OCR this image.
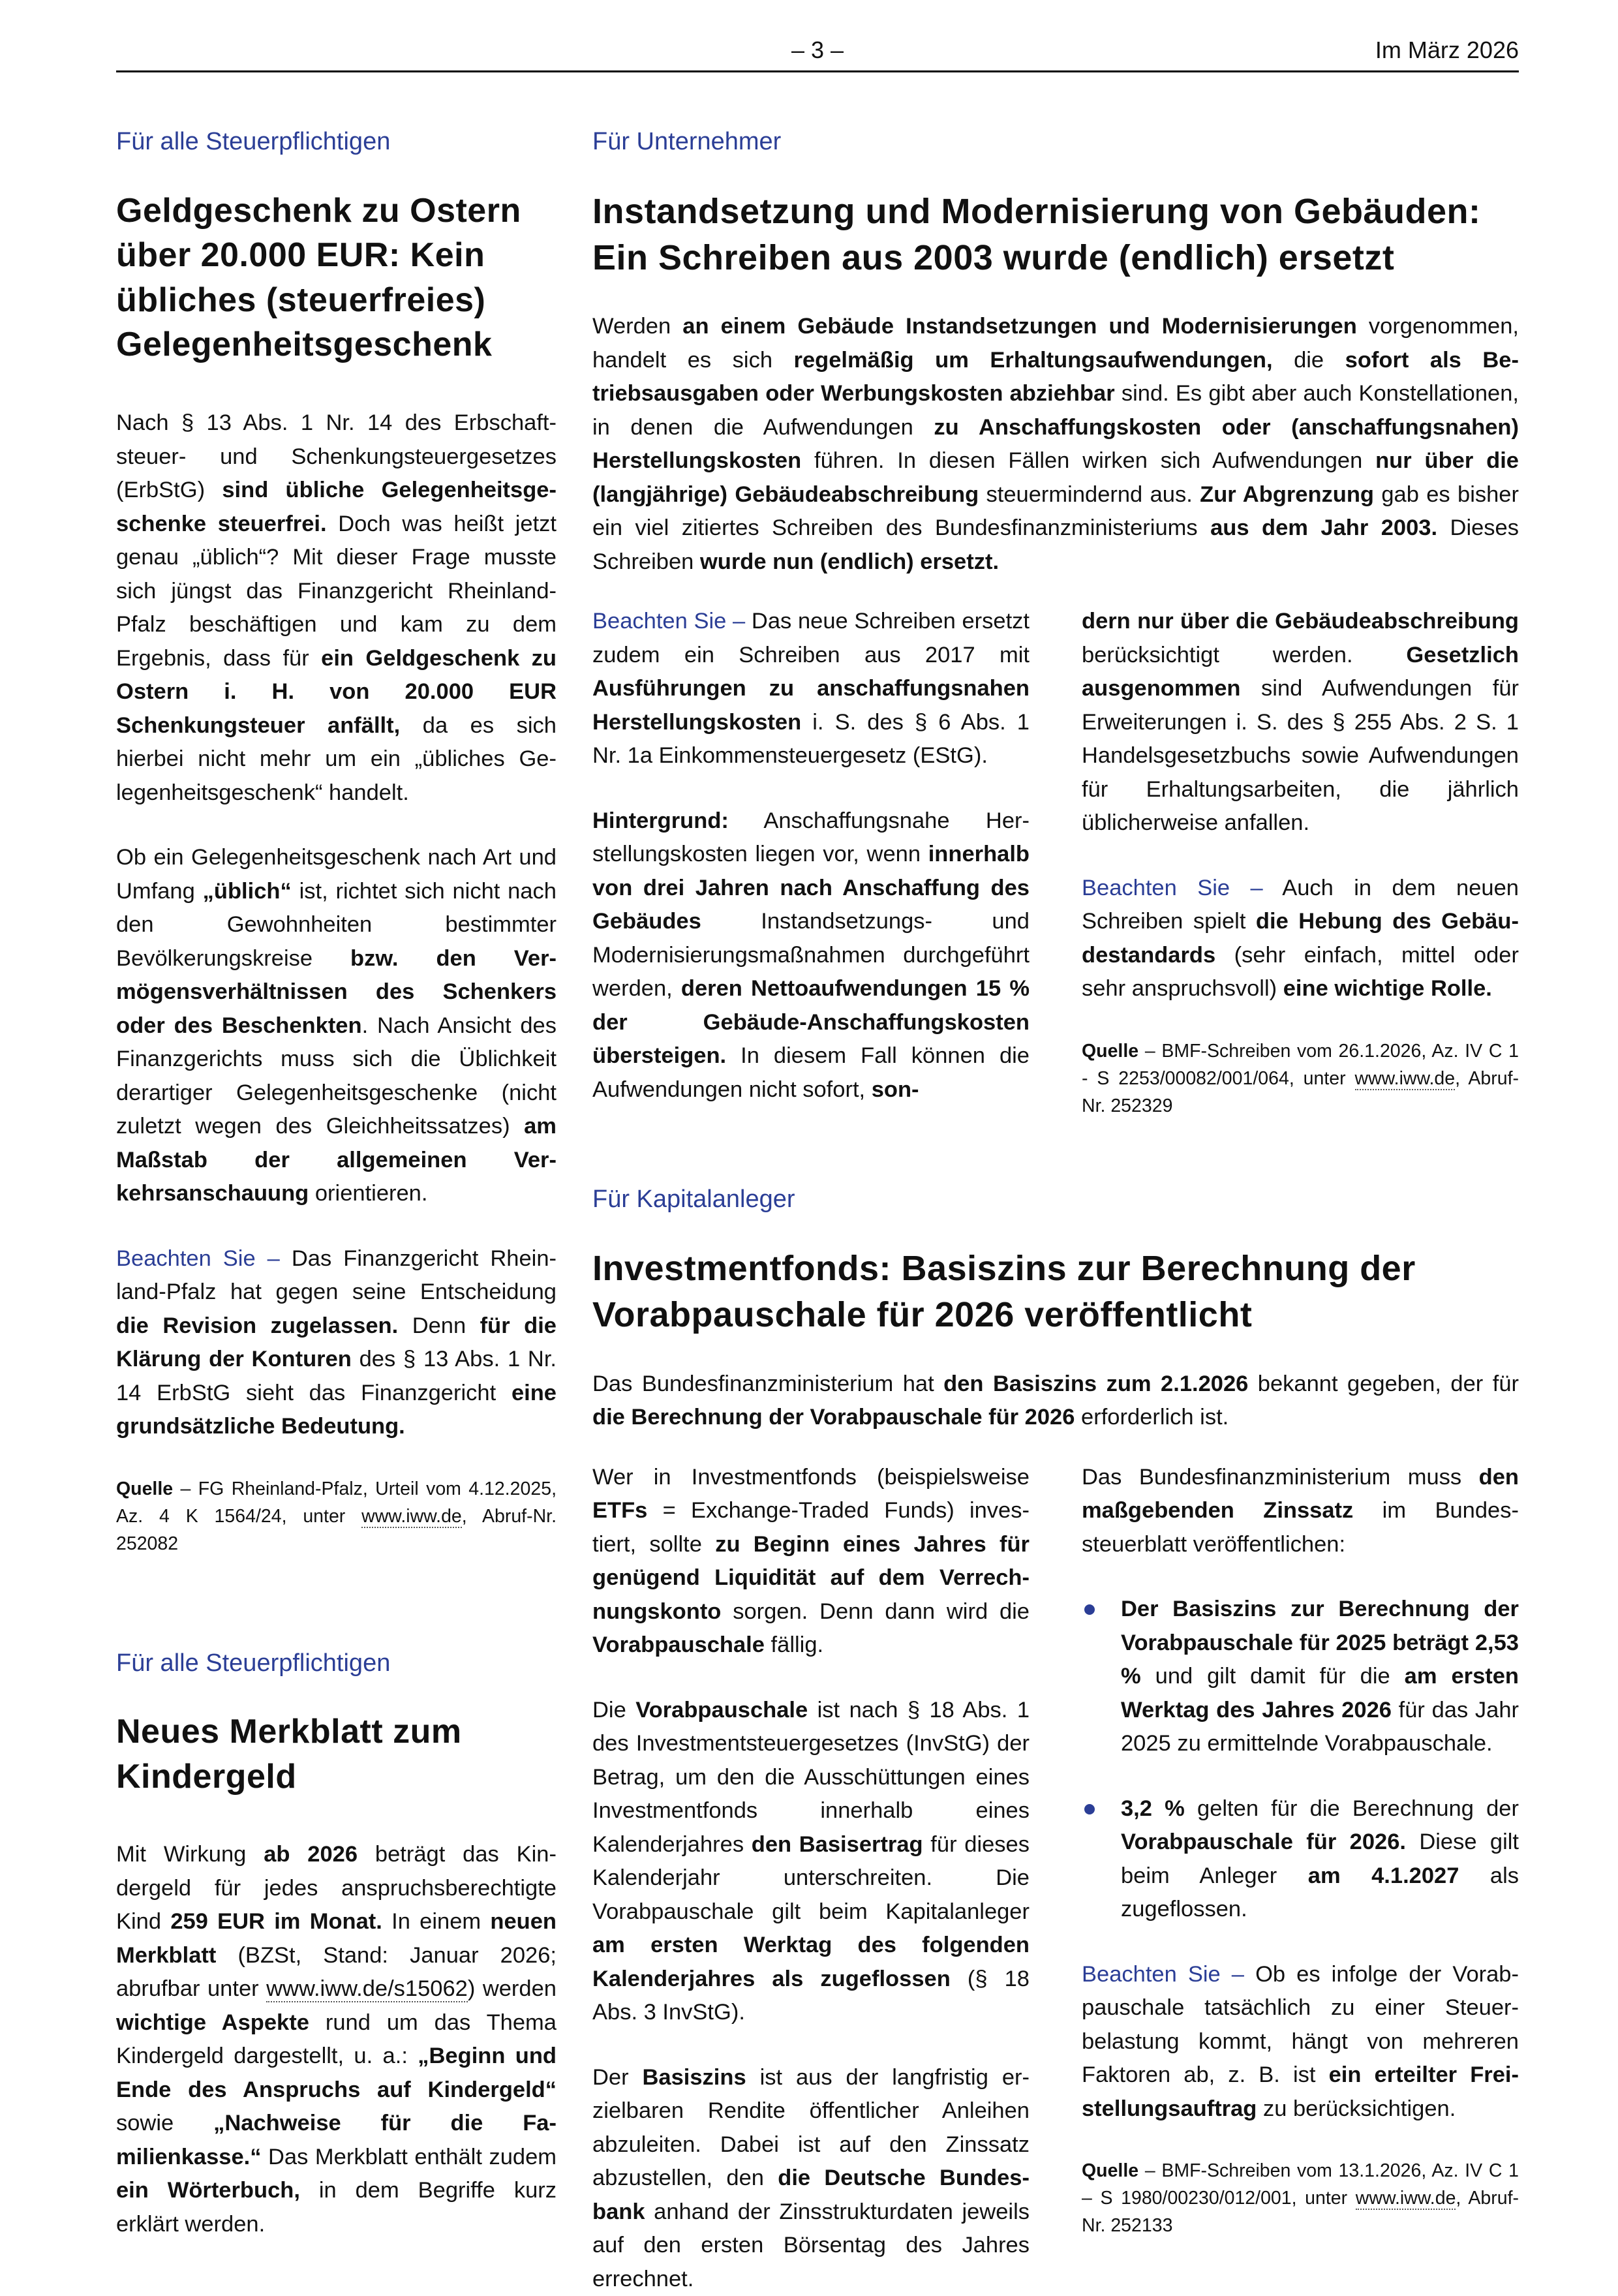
– 3 –	Im März 2026
Für alle Steuerpflichtigen
Geldgeschenk zu Ostern über 20.000 EUR: Kein übliches (steuerfreies) Gelegenheitsgeschenk

Nach § 13 Abs. 1 Nr. 14 des Erbschaftsteuer- und Schenkungsteuergesetzes (ErbStG) sind übliche Gelegenheitsgeschenke steuerfrei. Doch was heißt jetzt genau „üblich“? Mit dieser Frage musste sich jüngst das Finanzgericht Rheinland-Pfalz beschäftigen und kam zu dem Ergebnis, dass für ein Geldgeschenk zu Ostern i. H. von 20.000 EUR Schenkungsteuer anfällt, da es sich hierbei nicht mehr um ein „übliches Gelegenheitsgeschenk“ handelt.

Ob ein Gelegenheitsgeschenk nach Art und Umfang „üblich“ ist, richtet sich nicht nach den Gewohnheiten bestimmter Bevölkerungskreise bzw. den Vermögensverhältnissen des Schenkers oder des Beschenkten. Nach Ansicht des Finanzgerichts muss sich die Üblichkeit derartiger Gelegenheitsgeschenke (nicht zuletzt wegen des Gleichheitssatzes) am Maßstab der allgemeinen Verkehrsanschauung orientieren.

Beachten Sie – Das Finanzgericht Rheinland-Pfalz hat gegen seine Entscheidung die Revision zugelassen. Denn für die Klärung der Konturen des § 13 Abs. 1 Nr. 14 ErbStG sieht das Finanzgericht eine grundsätzliche Bedeutung.

Quelle – FG Rheinland-Pfalz, Urteil vom 4.12.2025, Az. 4 K 1564/24, unter www.iww.de, Abruf-Nr. 252082

Für alle Steuerpflichtigen
Neues Merkblatt zum Kindergeld

Mit Wirkung ab 2026 beträgt das Kindergeld für jedes anspruchsberechtigte Kind 259 EUR im Monat. In einem neuen Merkblatt (BZSt, Stand: Januar 2026; abrufbar unter www.iww.de/s15062) werden wichtige Aspekte rund um das Thema Kindergeld dargestellt, u. a.: „Beginn und Ende des Anspruchs auf Kindergeld“ sowie „Nachweise für die Familienkasse.“ Das Merkblatt enthält zudem ein Wörterbuch, in dem Begriffe kurz erklärt werden.

Für Unternehmer
Instandsetzung und Modernisierung von Gebäuden: Ein Schreiben aus 2003 wurde (endlich) ersetzt

Werden an einem Gebäude Instandsetzungen und Modernisierungen vorgenommen, handelt es sich regelmäßig um Erhaltungsaufwendungen, die sofort als Betriebsausgaben oder Werbungskosten abziehbar sind. Es gibt aber auch Konstellationen, in denen die Aufwendungen zu Anschaffungskosten oder (anschaffungsnahen) Herstellungskosten führen. In diesen Fällen wirken sich Aufwendungen nur über die (langjährige) Gebäudeabschreibung steuermindernd aus. Zur Abgrenzung gab es bisher ein viel zitiertes Schreiben des Bundesfinanzministeriums aus dem Jahr 2003. Dieses Schreiben wurde nun (endlich) ersetzt.

Beachten Sie – Das neue Schreiben ersetzt zudem ein Schreiben aus 2017 mit Ausführungen zu anschaffungsnahen Herstellungskosten i. S. des § 6 Abs. 1 Nr. 1a Einkommensteuergesetz (EStG).

Hintergrund: Anschaffungsnahe Herstellungskosten liegen vor, wenn innerhalb von drei Jahren nach Anschaffung des Gebäudes Instandsetzungs- und Modernisierungsmaßnahmen durchgeführt werden, deren Nettoaufwendungen 15 % der Gebäude-Anschaffungskosten übersteigen. In diesem Fall können die Aufwendungen nicht sofort, son-

dern nur über die Gebäudeabschreibung berücksichtigt werden. Gesetzlich ausgenommen sind Aufwendungen für Erweiterungen i. S. des § 255 Abs. 2 S. 1 Handelsgesetzbuchs sowie Aufwendungen für Erhaltungsarbeiten, die jährlich üblicherweise anfallen.

Beachten Sie – Auch in dem neuen Schreiben spielt die Hebung des Gebäudestandards (sehr einfach, mittel oder sehr anspruchsvoll) eine wichtige Rolle.

Quelle – BMF-Schreiben vom 26.1.2026, Az. IV C 1 - S 2253/00082/001/064, unter www.iww.de, Abruf-Nr. 252329

Für Kapitalanleger
Investmentfonds: Basiszins zur Berechnung der Vorabpauschale für 2026 veröffentlicht

Das Bundesfinanzministerium hat den Basiszins zum 2.1.2026 bekannt gegeben, der für die Berechnung der Vorabpauschale für 2026 erforderlich ist.

Wer in Investmentfonds (beispielsweise ETFs = Exchange-Traded Funds) investiert, sollte zu Beginn eines Jahres für genügend Liquidität auf dem Verrechnungskonto sorgen. Denn dann wird die Vorabpauschale fällig.

Die Vorabpauschale ist nach § 18 Abs. 1 des Investmentsteuergesetzes (InvStG) der Betrag, um den die Ausschüttungen eines Investmentfonds innerhalb eines Kalenderjahres den Basisertrag für dieses Kalenderjahr unterschreiten. Die Vorabpauschale gilt beim Kapitalanleger am ersten Werktag des folgenden Kalenderjahres als zugeflossen (§ 18 Abs. 3 InvStG).

Der Basiszins ist aus der langfristig erzielbaren Rendite öffentlicher Anleihen abzuleiten. Dabei ist auf den Zinssatz abzustellen, den die Deutsche Bundesbank anhand der Zinsstrukturdaten jeweils auf den ersten Börsentag des Jahres errechnet.

Das Bundesfinanzministerium muss den maßgebenden Zinssatz im Bundessteuerblatt veröffentlichen:

Der Basiszins zur Berechnung der Vorabpauschale für 2025 beträgt 2,53 % und gilt damit für die am ersten Werktag des Jahres 2026 für das Jahr 2025 zu ermittelnde Vorabpauschale.
3,2 % gelten für die Berechnung der Vorabpauschale für 2026. Diese gilt beim Anleger am 4.1.2027 als zugeflossen.

Beachten Sie – Ob es infolge der Vorabpauschale tatsächlich zu einer Steuerbelastung kommt, hängt von mehreren Faktoren ab, z. B. ist ein erteilter Freistellungsauftrag zu berücksichtigen.

Quelle – BMF-Schreiben vom 13.1.2026, Az. IV C 1 – S 1980/00230/012/001, unter www.iww.de, Abruf-Nr. 252133
